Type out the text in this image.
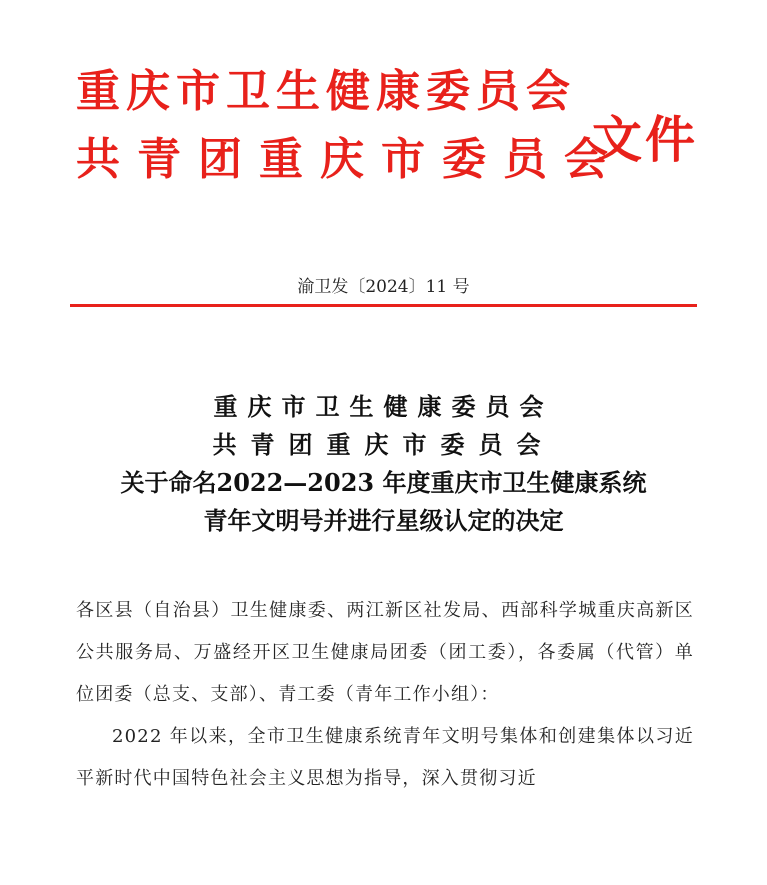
重庆市卫生健康委员会
共青团重庆市委员会
文件
渝卫发〔2024〕11 号
重庆市卫生健康委员会
共青团重庆市委员会
关于命名2022—2023 年度重庆市卫生健康系统
青年文明号并进行星级认定的决定
各区县（自治县）卫生健康委、两江新区社发局、西部科学城重庆高新区公共服务局、万盛经开区卫生健康局团委（团工委），各委属（代管）单位团委（总支、支部）、青工委（青年工作小组）：
2022 年以来，全市卫生健康系统青年文明号集体和创建集体以习近平新时代中国特色社会主义思想为指导，深入贯彻习近
